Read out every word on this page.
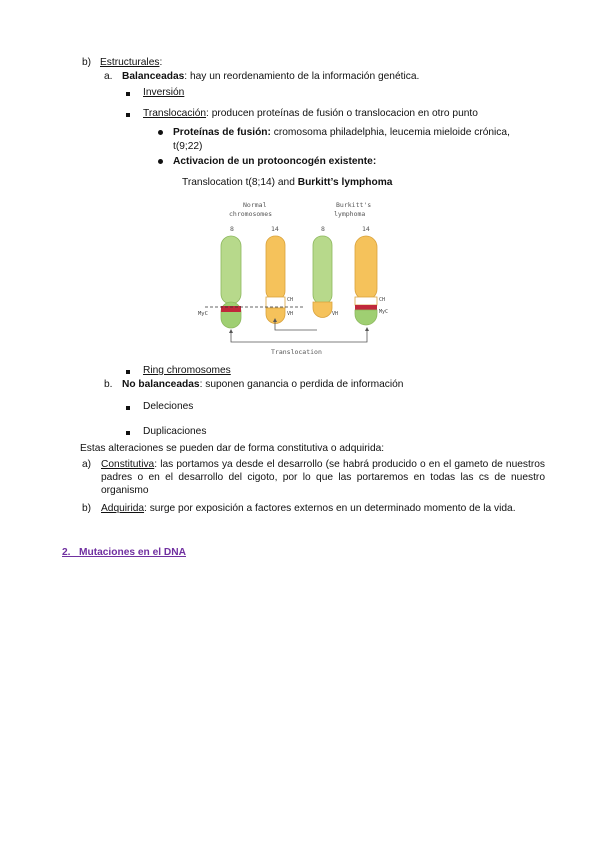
b) Estructurales:
a. Balanceadas: hay un reordenamiento de la información genética.
Inversión
Translocación: producen proteínas de fusión o translocacion en otro punto
Proteínas de fusión: cromosoma philadelphia, leucemia mieloide crónica,
t(9;22)
Activacion de un protooncogén existente:
Translocation t(8;14) and Burkitt’s lymphoma
Normal
chromosomes
Burkitt's
lymphoma
8	14	8	14
MyC
CH
VH	VH
CH
MyC
Translocation
Ring chromosomes
b. No balanceadas: suponen ganancia o perdida de información
Deleciones
Duplicaciones
Estas alteraciones se pueden dar de forma constitutiva o adquirida:
a) Constitutiva: las portamos ya desde el desarrollo (se habrá producido o en el gameto de nuestros padres o en el desarrollo del cigoto, por lo que las portaremos en todas las cs de nuestro organismo
b) Adquirida: surge por exposición a factores externos en un determinado momento de la vida.
2. Mutaciones en el DNA
